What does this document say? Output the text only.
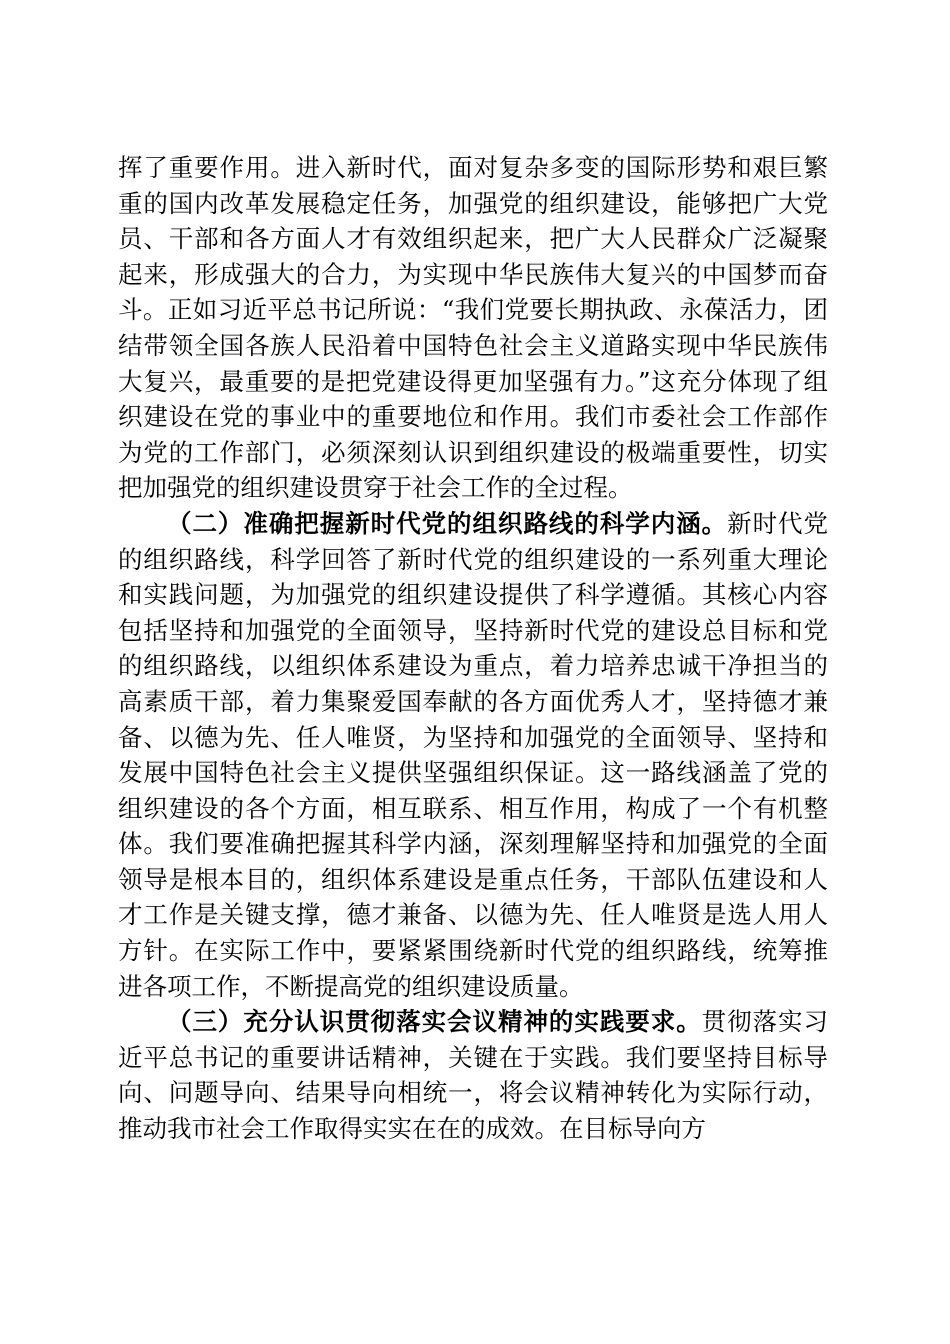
挥了重要作用。进入新时代，面对复杂多变的国际形势和艰巨繁重的国内改革发展稳定任务，加强党的组织建设，能够把广大党员、干部和各方面人才有效组织起来，把广大人民群众广泛凝聚起来，形成强大的合力，为实现中华民族伟大复兴的中国梦而奋斗。正如习近平总书记所说：“我们党要长期执政、永葆活力，团结带领全国各族人民沿着中国特色社会主义道路实现中华民族伟大复兴，最重要的是把党建设得更加坚强有力。”这充分体现了组织建设在党的事业中的重要地位和作用。我们市委社会工作部作为党的工作部门，必须深刻认识到组织建设的极端重要性，切实把加强党的组织建设贯穿于社会工作的全过程。

（二）准确把握新时代党的组织路线的科学内涵。新时代党的组织路线，科学回答了新时代党的组织建设的一系列重大理论和实践问题，为加强党的组织建设提供了科学遵循。其核心内容包括坚持和加强党的全面领导，坚持新时代党的建设总目标和党的组织路线，以组织体系建设为重点，着力培养忠诚干净担当的高素质干部，着力集聚爱国奉献的各方面优秀人才，坚持德才兼备、以德为先、任人唯贤，为坚持和加强党的全面领导、坚持和发展中国特色社会主义提供坚强组织保证。这一路线涵盖了党的组织建设的各个方面，相互联系、相互作用，构成了一个有机整体。我们要准确把握其科学内涵，深刻理解坚持和加强党的全面领导是根本目的，组织体系建设是重点任务，干部队伍建设和人才工作是关键支撑，德才兼备、以德为先、任人唯贤是选人用人方针。在实际工作中，要紧紧围绕新时代党的组织路线，统筹推进各项工作，不断提高党的组织建设质量。

（三）充分认识贯彻落实会议精神的实践要求。贯彻落实习近平总书记的重要讲话精神，关键在于实践。我们要坚持目标导向、问题导向、结果导向相统一，将会议精神转化为实际行动，推动我市社会工作取得实实在在的成效。在目标导向方
